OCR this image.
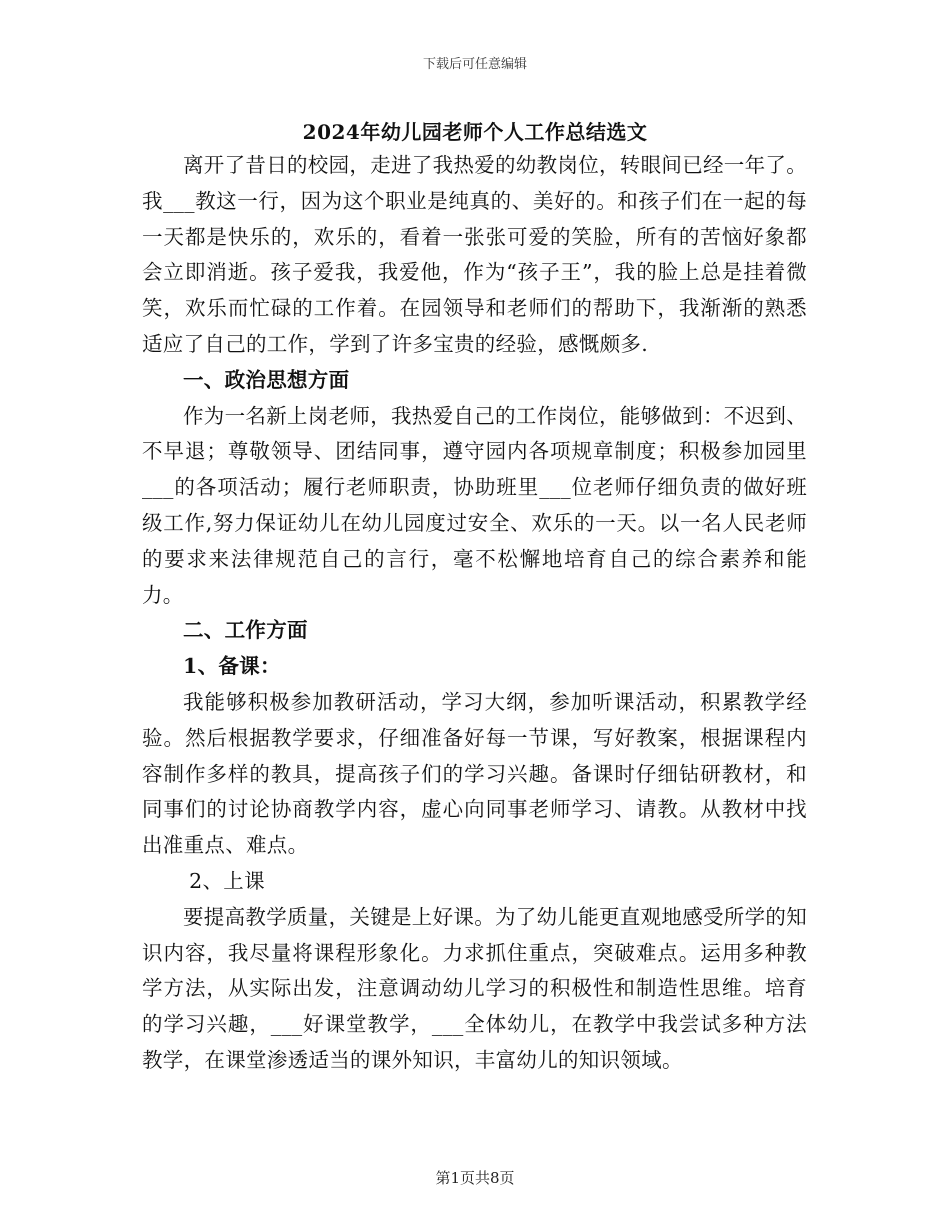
下载后可任意编辑
2024年幼儿园老师个人工作总结选文

离开了昔日的校园，走进了我热爱的幼教岗位，转眼间已经一年了。我___教这一行，因为这个职业是纯真的、美好的。和孩子们在一起的每一天都是快乐的，欢乐的，看着一张张可爱的笑脸，所有的苦恼好象都会立即消逝。孩子爱我，我爱他，作为“孩子王”，我的脸上总是挂着微笑，欢乐而忙碌的工作着。在园领导和老师们的帮助下，我渐渐的熟悉适应了自己的工作，学到了许多宝贵的经验，感慨颇多.

一、政治思想方面

作为一名新上岗老师，我热爱自己的工作岗位，能够做到：不迟到、不早退；尊敬领导、团结同事，遵守园内各项规章制度；积极参加园里___的各项活动；履行老师职责，协助班里___位老师仔细负责的做好班级工作,努力保证幼儿在幼儿园度过安全、欢乐的一天。以一名人民老师的要求来法律规范自己的言行，毫不松懈地培育自己的综合素养和能力。

二、工作方面

1、备课：

我能够积极参加教研活动，学习大纲，参加听课活动，积累教学经验。然后根据教学要求，仔细准备好每一节课，写好教案，根据课程内容制作多样的教具，提高孩子们的学习兴趣。备课时仔细钻研教材，和同事们的讨论协商教学内容，虚心向同事老师学习、请教。从教材中找出准重点、难点。

2、上课

要提高教学质量，关键是上好课。为了幼儿能更直观地感受所学的知识内容，我尽量将课程形象化。力求抓住重点，突破难点。运用多种教学方法，从实际出发，注意调动幼儿学习的积极性和制造性思维。培育的学习兴趣，___好课堂教学，___全体幼儿，在教学中我尝试多种方法教学，在课堂渗透适当的课外知识，丰富幼儿的知识领域。

第1页共8页
